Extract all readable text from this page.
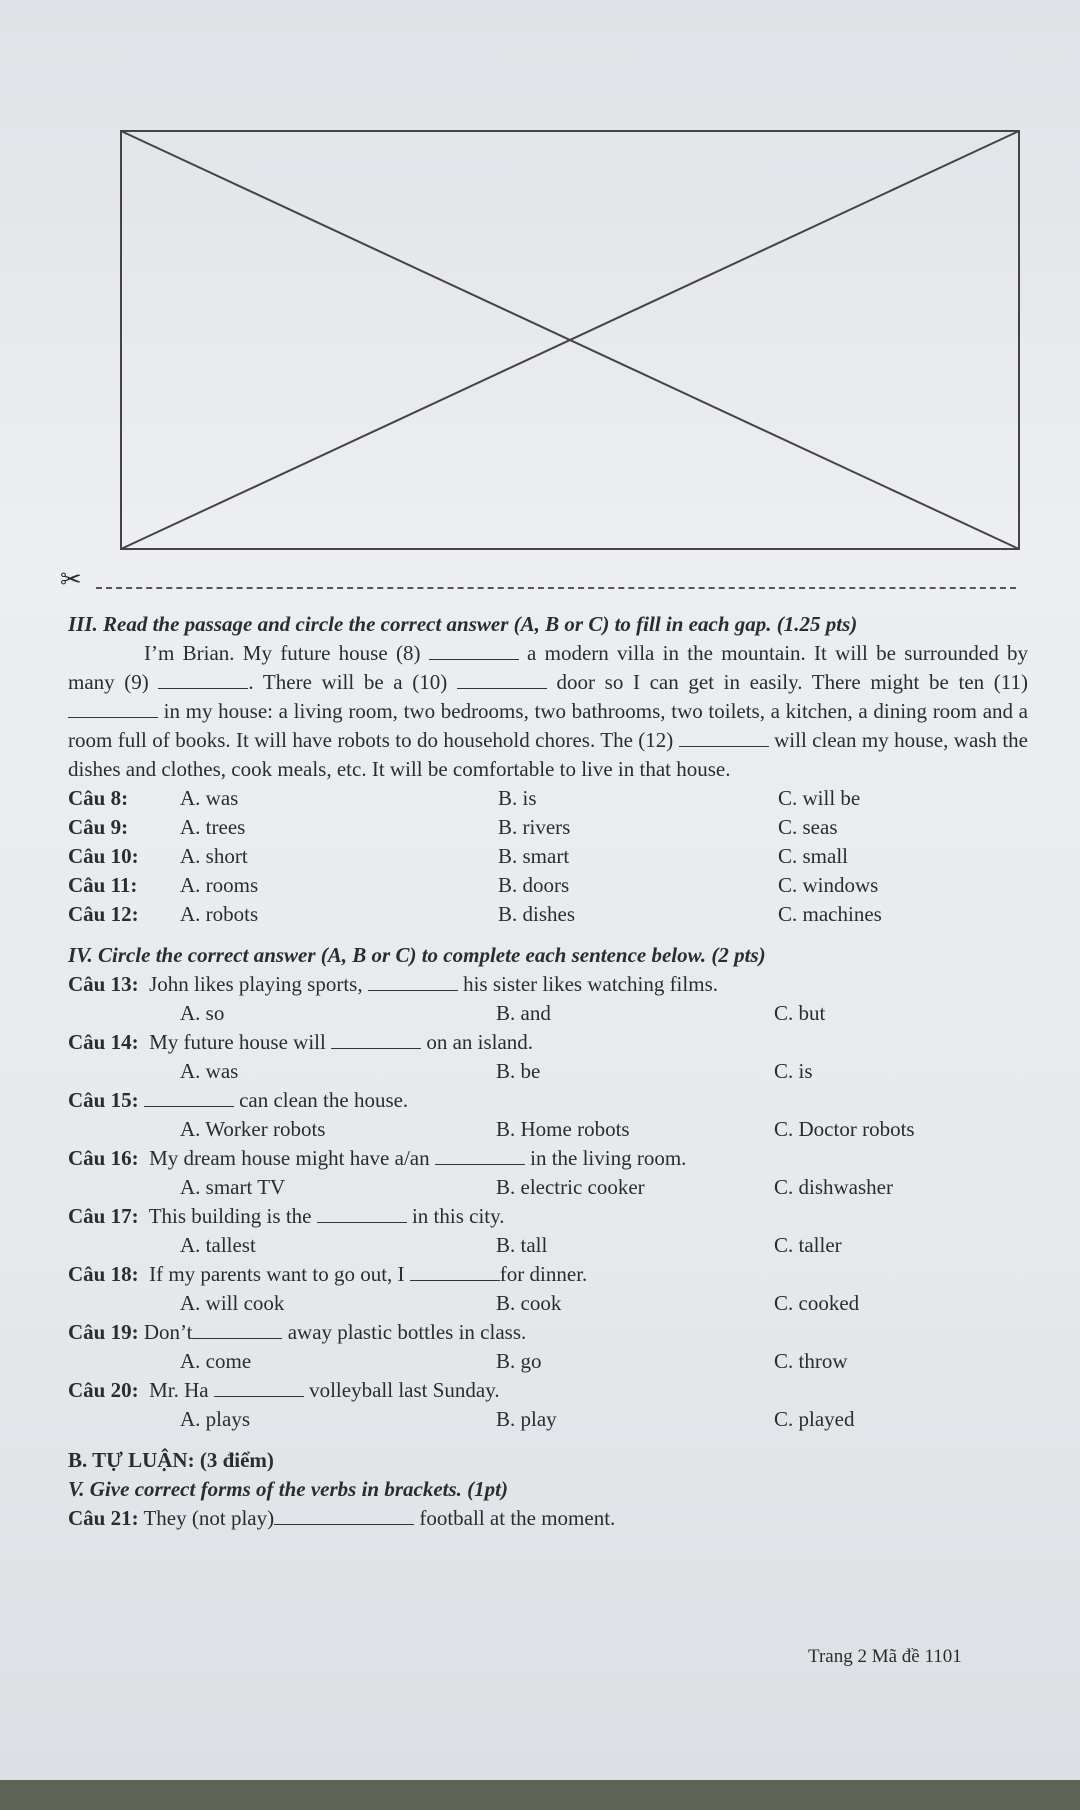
✂
III. Read the passage and circle the correct answer (A, B or C) to fill in each gap. (1.25 pts)

I’m Brian. My future house (8)	a modern villa in the mountain. It will be surrounded by many (9)	. There will be a (10)	door so I can get in easily. There might be ten (11)  in my house: a living room, two bedrooms, two bathrooms, two toilets, a kitchen, a dining room and a room full of books. It will have robots to do household chores. The (12)	will clean my house, wash the dishes and clothes, cook meals, etc. It will be comfortable to live in that house.

Câu 8:	A. was	B. is	C. will be
Câu 9:	A. trees	B. rivers	C. seas
Câu 10:	A. short	B. smart	C. small
Câu 11:	A. rooms	B. doors	C. windows
Câu 12:	A. robots	B. dishes	C. machines
IV. Circle the correct answer (A, B or C) to complete each sentence below. (2 pts)
Câu 13: John likes playing sports,	his sister likes watching films.
A. so	B. and	C. but
Câu 14: My future house will	on an island.
A. was	B. be	C. is
Câu 15:	can clean the house.
A. Worker robots	B. Home robots	C. Doctor robots
Câu 16: My dream house might have a/an	in the living room.
A. smart TV	B. electric cooker	C. dishwasher
Câu 17: This building is the	in this city.
A. tallest	B. tall	C. taller
Câu 18: If my parents want to go out, I	for dinner.
A. will cook	B. cook	C. cooked
Câu 19: Don’t	away plastic bottles in class.
A. come	B. go	C. throw
Câu 20: Mr. Ha	volleyball last Sunday.
A. plays	B. play	C. played
B. TỰ LUẬN: (3 điểm)
V. Give correct forms of the verbs in brackets. (1pt)
Câu 21: They (not play)	football at the moment.
Trang 2 Mã đề 1101
